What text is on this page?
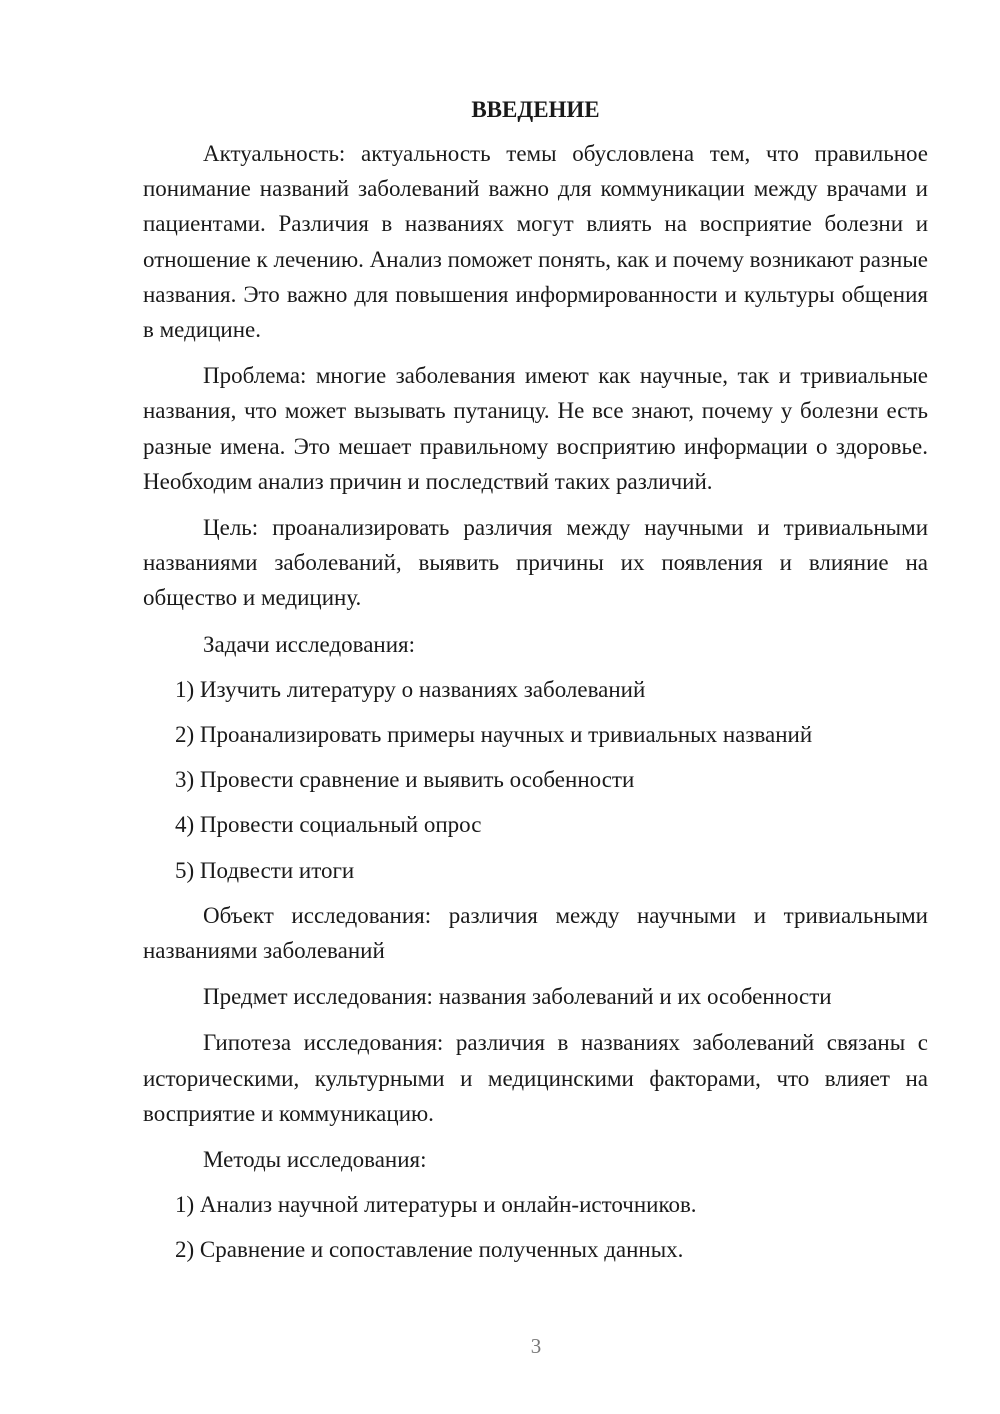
ВВЕДЕНИЕ
Актуальность: актуальность темы обусловлена тем, что правильное понимание названий заболеваний важно для коммуникации между врачами и пациентами. Различия в названиях могут влиять на восприятие болезни и отношение к лечению. Анализ поможет понять, как и почему возникают разные названия. Это важно для повышения информированности и культуры общения в медицине.
Проблема: многие заболевания имеют как научные, так и тривиальные названия, что может вызывать путаницу. Не все знают, почему у болезни есть разные имена. Это мешает правильному восприятию информации о здоровье. Необходим анализ причин и последствий таких различий.
Цель: проанализировать различия между научными и тривиальными названиями заболеваний, выявить причины их появления и влияние на общество и медицину.
Задачи исследования:
1) Изучить литературу о названиях заболеваний
2) Проанализировать примеры научных и тривиальных названий
3) Провести сравнение и выявить особенности
4) Провести социальный опрос
5) Подвести итоги
Объект исследования: различия между научными и тривиальными названиями заболеваний
Предмет исследования: названия заболеваний и их особенности
Гипотеза исследования: различия в названиях заболеваний связаны с историческими, культурными и медицинскими факторами, что влияет на восприятие и коммуникацию.
Методы исследования:
1) Анализ научной литературы и онлайн-источников.
2) Сравнение и сопоставление полученных данных.
3
